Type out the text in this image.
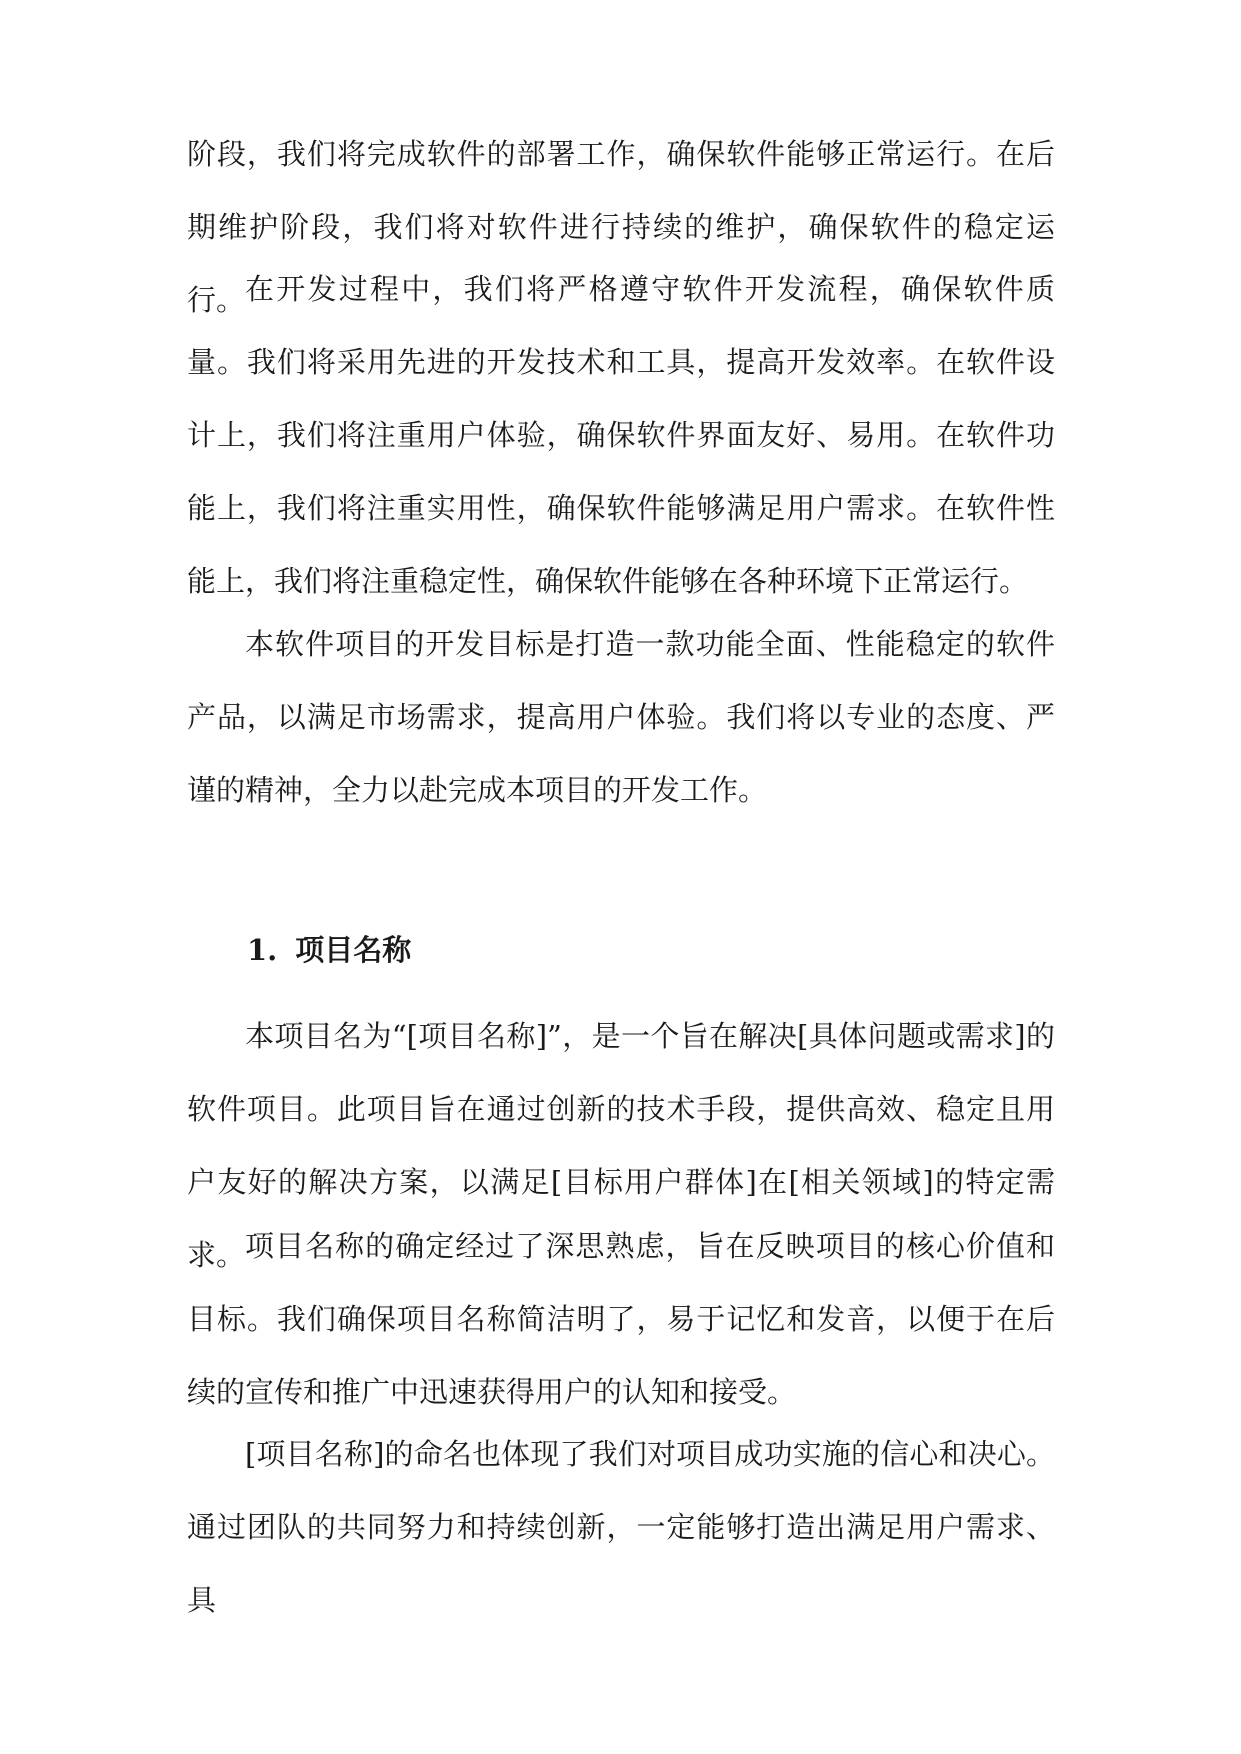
阶段，我们将完成软件的部署工作，确保软件能够正常运行。在后期维护阶段，我们将对软件进行持续的维护，确保软件的稳定运行。 在开发过程中，我们将严格遵守软件开发流程，确保软件质量。我们将采用先进的开发技术和工具，提高开发效率。在软件设计上，我们将注重用户体验，确保软件界面友好、易用。在软件功能上，我们将注重实用性，确保软件能够满足用户需求。在软件性能上，我们将注重稳定性，确保软件能够在各种环境下正常运行。

本软件项目的开发目标是打造一款功能全面、性能稳定的软件产品，以满足市场需求，提高用户体验。我们将以专业的态度、严谨的精神，全力以赴完成本项目的开发工作。

1. 项目名称

本项目名为“[项目名称]”，是一个旨在解决[具体问题或需求]的软件项目。此项目旨在通过创新的技术手段，提供高效、稳定且用户友好的解决方案，以满足[目标用户群体]在[相关领域]的特定需求。 项目名称的确定经过了深思熟虑，旨在反映项目的核心价值和目标。我们确保项目名称简洁明了，易于记忆和发音，以便于在后续的宣传和推广中迅速获得用户的认知和接受。

[项目名称]的命名也体现了我们对项目成功实施的信心和决心。通过团队的共同努力和持续创新，一定能够打造出满足用户需求、具
